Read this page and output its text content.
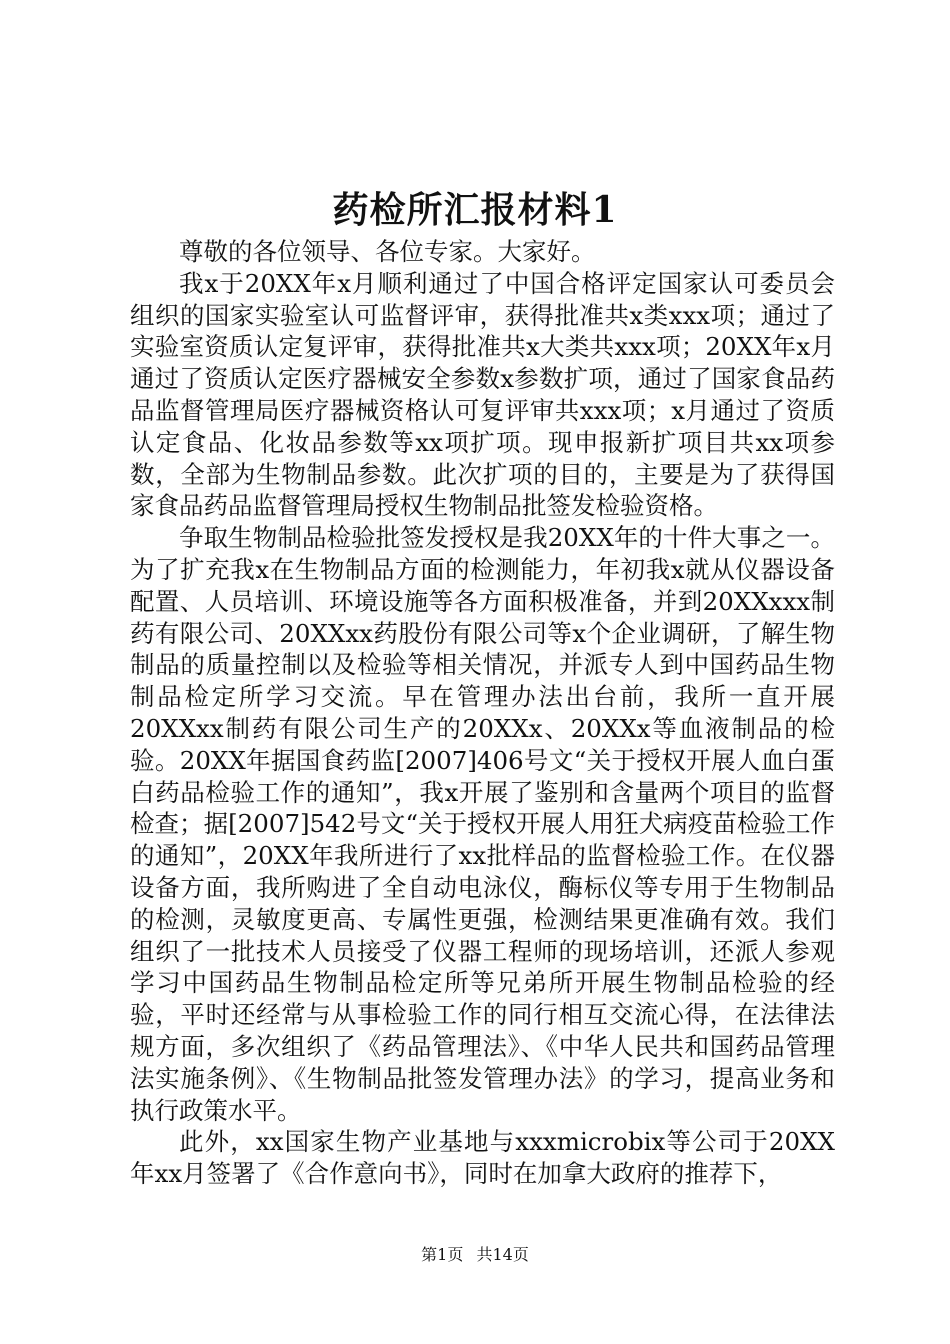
药检所汇报材料1

尊敬的各位领导、各位专家。大家好。

我x于20XX年x月顺利通过了中国合格评定国家认可委员会组织的国家实验室认可监督评审，获得批准共x类xxx项；通过了实验室资质认定复评审，获得批准共x大类共xxx项；20XX年x月通过了资质认定医疗器械安全参数x参数扩项，通过了国家食品药品监督管理局医疗器械资格认可复评审共xxx项；x月通过了资质认定食品、化妆品参数等xx项扩项。现申报新扩项目共xx项参数，全部为生物制品参数。此次扩项的目的，主要是为了获得国家食品药品监督管理局授权生物制品批签发检验资格。

争取生物制品检验批签发授权是我20XX年的十件大事之一。为了扩充我x在生物制品方面的检测能力，年初我x就从仪器设备配置、人员培训、环境设施等各方面积极准备，并到20XXxxx制药有限公司、20XXxx药股份有限公司等x个企业调研，了解生物制品的质量控制以及检验等相关情况，并派专人到中国药品生物制品检定所学习交流。早在管理办法出台前，我所一直开展20XXxx制药有限公司生产的20XXx、20XXx等血液制品的检验。20XX年据国食药监[2007]406号文“关于授权开展人血白蛋白药品检验工作的通知”，我x开展了鉴别和含量两个项目的监督检查；据[2007]542号文“关于授权开展人用狂犬病疫苗检验工作的通知”，20XX年我所进行了xx批样品的监督检验工作。在仪器设备方面，我所购进了全自动电泳仪，酶标仪等专用于生物制品的检测，灵敏度更高、专属性更强，检测结果更准确有效。我们组织了一批技术人员接受了仪器工程师的现场培训，还派人参观学习中国药品生物制品检定所等兄弟所开展生物制品检验的经验，平时还经常与从事检验工作的同行相互交流心得，在法律法规方面，多次组织了《药品管理法》、《中华人民共和国药品管理法实施条例》、《生物制品批签发管理办法》的学习，提高业务和执行政策水平。

此外，xx国家生物产业基地与xxxmicrobix等公司于20XX年xx月签署了《合作意向书》，同时在加拿大政府的推荐下，

第1页 共14页
